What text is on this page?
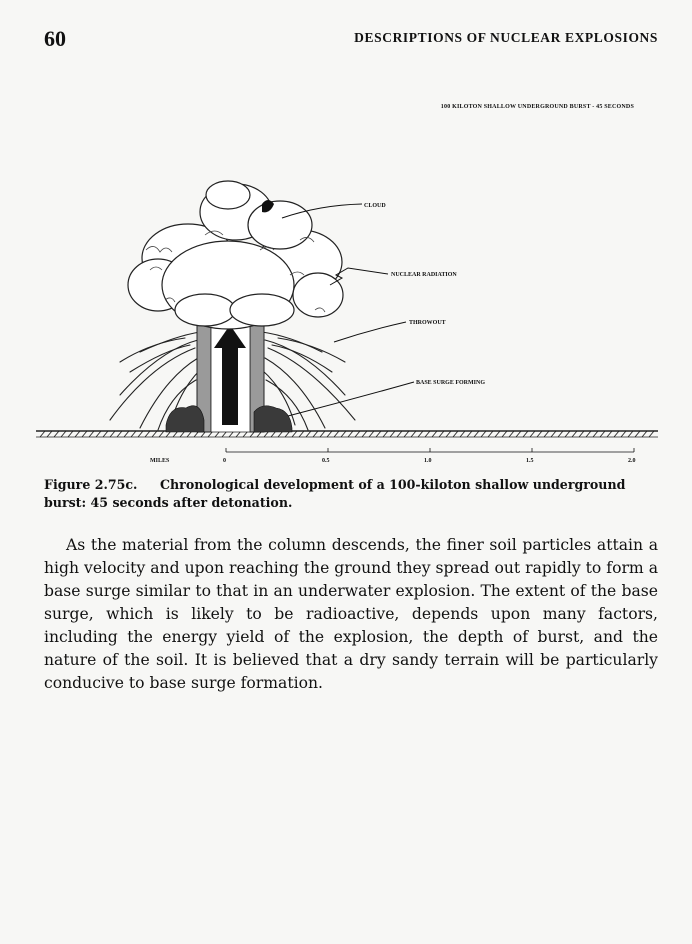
60	DESCRIPTIONS OF NUCLEAR EXPLOSIONS
100 KILOTON SHALLOW UNDERGROUND BURST - 45 SECONDS
CLOUD
NUCLEAR RADIATION
THROWOUT
BASE SURGE FORMING
MILES	0	0.5	1.0	1.5	2.0
Figure 2.75c. Chronological development of a 100-kiloton shallow underground burst: 45 seconds after detonation.

As the material from the column descends, the finer soil particles attain a high velocity and upon reaching the ground they spread out rapidly to form a base surge similar to that in an underwater explosion. The extent of the base surge, which is likely to be radioactive, depends upon many factors, including the energy yield of the explosion, the depth of burst, and the nature of the soil. It is believed that a dry sandy terrain will be particularly conducive to base surge formation.
